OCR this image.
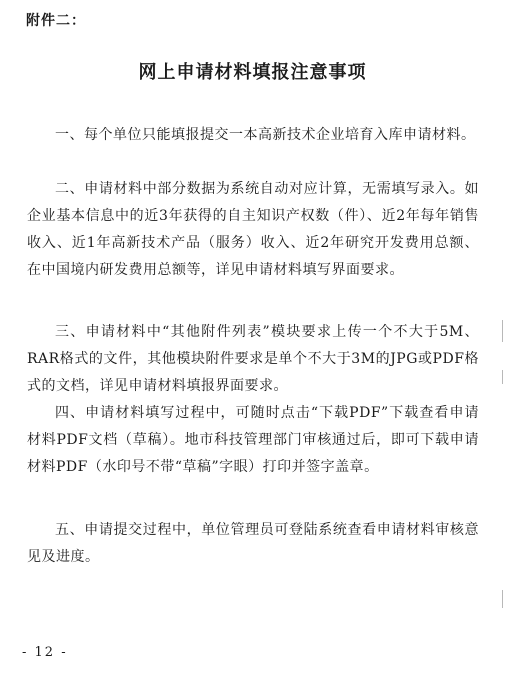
附件二：
网上申请材料填报注意事项

一、每个单位只能填报提交一本高新技术企业培育入库申请材料。

二、申请材料中部分数据为系统自动对应计算，无需填写录入。如企业基本信息中的近3年获得的自主知识产权数（件）、近2年每年销售收入、近1年高新技术产品（服务）收入、近2年研究开发费用总额、在中国境内研发费用总额等，详见申请材料填写界面要求。

三、申请材料中“其他附件列表”模块要求上传一个不大于5M、RAR格式的文件，其他模块附件要求是单个不大于3M的JPG或PDF格式的文档，详见申请材料填报界面要求。

四、申请材料填写过程中，可随时点击“下载PDF”下载查看申请材料PDF文档（草稿）。地市科技管理部门审核通过后，即可下载申请材料PDF（水印号不带“草稿”字眼）打印并签字盖章。

五、申请提交过程中，单位管理员可登陆系统查看申请材料审核意见及进度。

- 12 -
